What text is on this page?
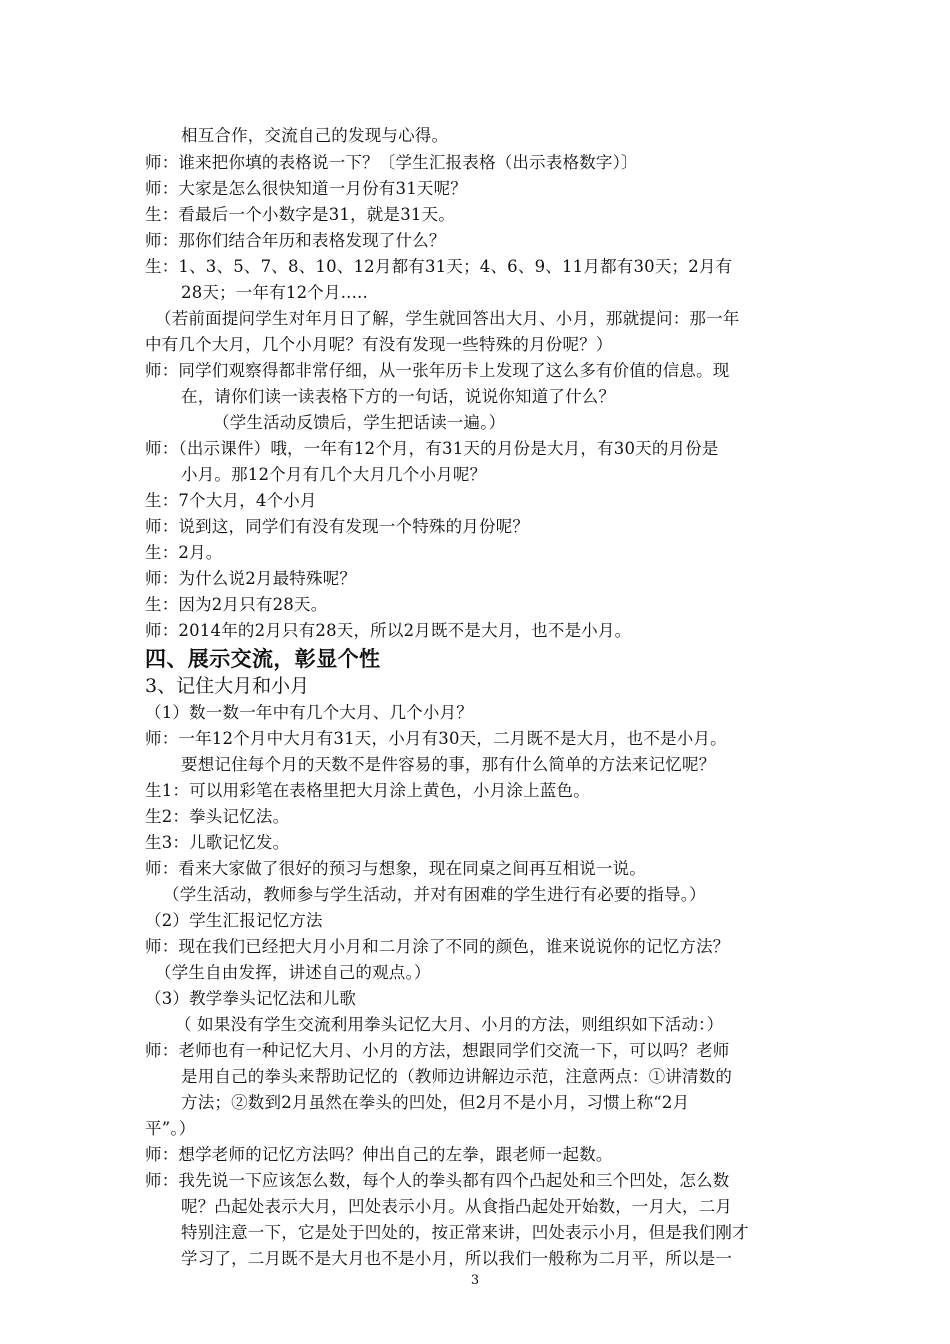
相互合作，交流自己的发现与心得。
师：谁来把你填的表格说一下？〔学生汇报表格（出示表格数字）〕
师：大家是怎么很快知道一月份有31天呢？
生：看最后一个小数字是31，就是31天。
师：那你们结合年历和表格发现了什么？
生：1、3、5、7、8、10、12月都有31天；4、6、9、11月都有30天；2月有
28天；一年有12个月.....
（若前面提问学生对年月日了解，学生就回答出大月、小月，那就提问：那一年
中有几个大月，几个小月呢？有没有发现一些特殊的月份呢？）
师：同学们观察得都非常仔细，从一张年历卡上发现了这么多有价值的信息。现
在，请你们读一读表格下方的一句话，说说你知道了什么？
（学生活动反馈后，学生把话读一遍。）
师：（出示课件）哦，一年有12个月，有31天的月份是大月，有30天的月份是
小月。那12个月有几个大月几个小月呢？
生：7个大月，4个小月
师：说到这，同学们有没有发现一个特殊的月份呢？
生：2月。
师：为什么说2月最特殊呢？
生：因为2月只有28天。
师：2014年的2月只有28天，所以2月既不是大月，也不是小月。
四、展示交流，彰显个性
3、记住大月和小月
（1）数一数一年中有几个大月、几个小月？
师：一年12个月中大月有31天，小月有30天，二月既不是大月，也不是小月。
要想记住每个月的天数不是件容易的事，那有什么简单的方法来记忆呢？
生1：可以用彩笔在表格里把大月涂上黄色，小月涂上蓝色。
生2：拳头记忆法。
生3：儿歌记忆发。
师：看来大家做了很好的预习与想象，现在同桌之间再互相说一说。
（学生活动，教师参与学生活动，并对有困难的学生进行有必要的指导。）
（2）学生汇报记忆方法
师：现在我们已经把大月小月和二月涂了不同的颜色，谁来说说你的记忆方法？
（学生自由发挥，讲述自己的观点。）
（3）教学拳头记忆法和儿歌
（ 如果没有学生交流利用拳头记忆大月、小月的方法，则组织如下活动：）
师：老师也有一种记忆大月、小月的方法，想跟同学们交流一下，可以吗？老师
是用自己的拳头来帮助记忆的（教师边讲解边示范，注意两点：①讲清数的
方法；②数到2月虽然在拳头的凹处，但2月不是小月，习惯上称“2月
平”。）
师：想学老师的记忆方法吗？伸出自己的左拳，跟老师一起数。
师：我先说一下应该怎么数，每个人的拳头都有四个凸起处和三个凹处，怎么数
呢？凸起处表示大月，凹处表示小月。从食指凸起处开始数，一月大，二月
特别注意一下，它是处于凹处的，按正常来讲，凹处表示小月，但是我们刚才
学习了，二月既不是大月也不是小月，所以我们一般称为二月平，所以是一
3
